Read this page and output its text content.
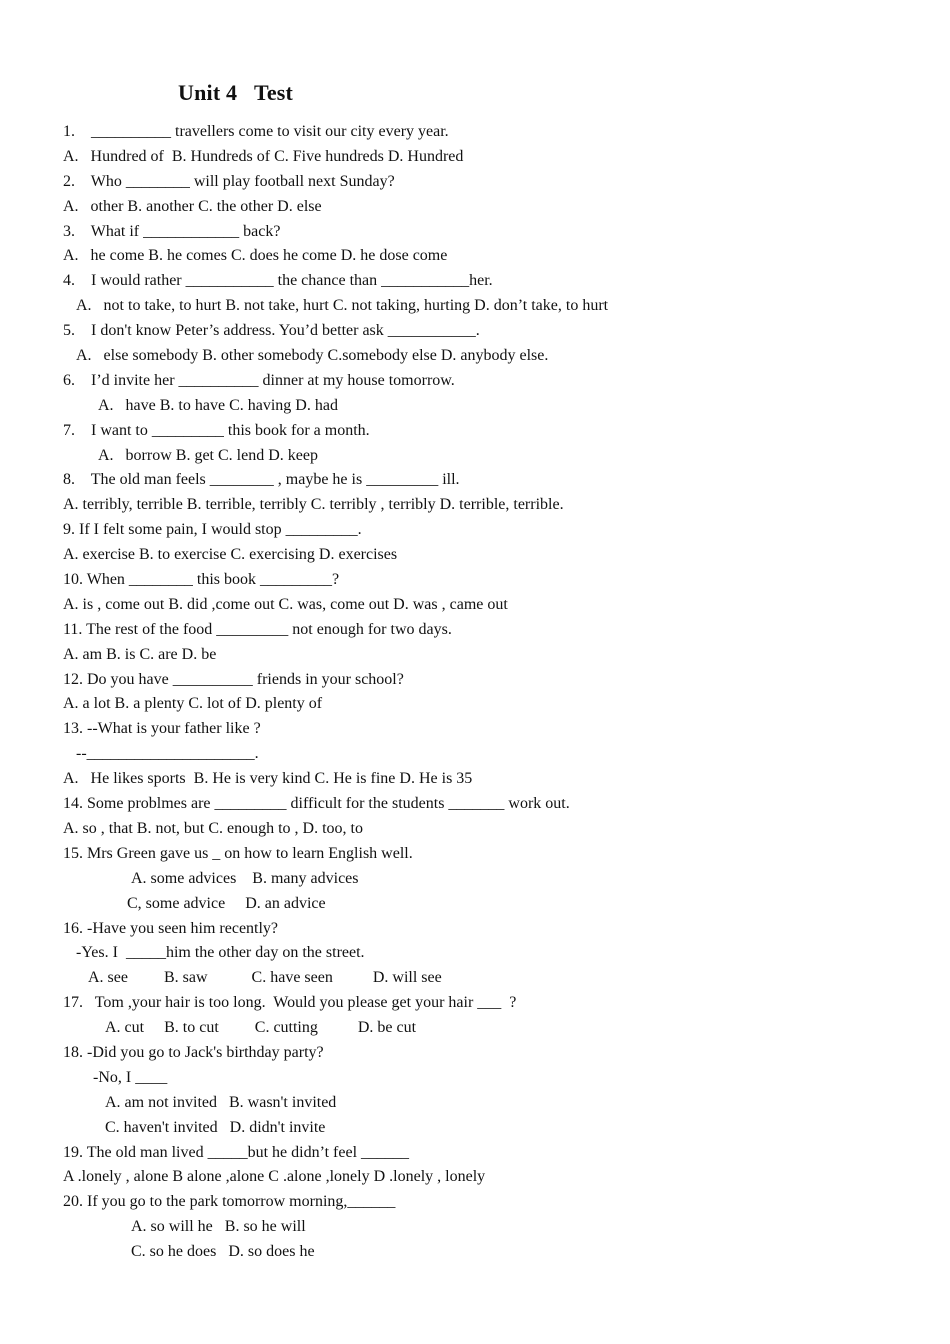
Unit 4   Test
1.    __________ travellers come to visit our city every year.
A.   Hundred of  B. Hundreds of C. Five hundreds D. Hundred
2.    Who ________ will play football next Sunday?
A.   other B. another C. the other D. else
3.    What if ____________ back?
A.   he come B. he comes C. does he come D. he dose come
4.    I would rather ___________ the chance than ___________her.
A.   not to take, to hurt B. not take, hurt C. not taking, hurting D. don’t take, to hurt
5.    I don't know Peter’s address. You’d better ask ___________.
A.   else somebody B. other somebody C.somebody else D. anybody else.
6.    I’d invite her __________ dinner at my house tomorrow.
A.   have B. to have C. having D. had
7.    I want to _________ this book for a month.
A.   borrow B. get C. lend D. keep
8.    The old man feels ________ , maybe he is _________ ill.
A. terribly, terrible B. terrible, terribly C. terribly , terribly D. terrible, terrible.
9. If I felt some pain, I would stop _________.
A. exercise B. to exercise C. exercising D. exercises
10. When ________ this book _________?
A. is , come out B. did ,come out C. was, come out D. was , came out
11. The rest of the food _________ not enough for two days.
A. am B. is C. are D. be
12. Do you have __________ friends in your school?
A. a lot B. a plenty C. lot of D. plenty of
13. --What is your father like ?
--_____________________.
A.   He likes sports  B. He is very kind C. He is fine D. He is 35
14. Some problmes are _________ difficult for the students _______ work out.
A. so , that B. not, but C. enough to , D. too, to
15. Mrs Green gave us _ on how to learn English well.
A. some advices    B. many advices
C, some advice     D. an advice
16. -Have you seen him recently?
-Yes. I  _____him the other day on the street.
A. see         B. saw           C. have seen          D. will see
17.   Tom ,your hair is too long.  Would you please get your hair ___  ?
A. cut     B. to cut         C. cutting          D. be cut
18. -Did you go to Jack's birthday party?
-No, I ____
A. am not invited   B. wasn't invited
C. haven't invited   D. didn't invite
19. The old man lived _____but he didn’t feel ______
A .lonely , alone B alone ,alone C .alone ,lonely D .lonely , lonely
20. If you go to the park tomorrow morning,______
A. so will he   B. so he will
C. so he does   D. so does he
